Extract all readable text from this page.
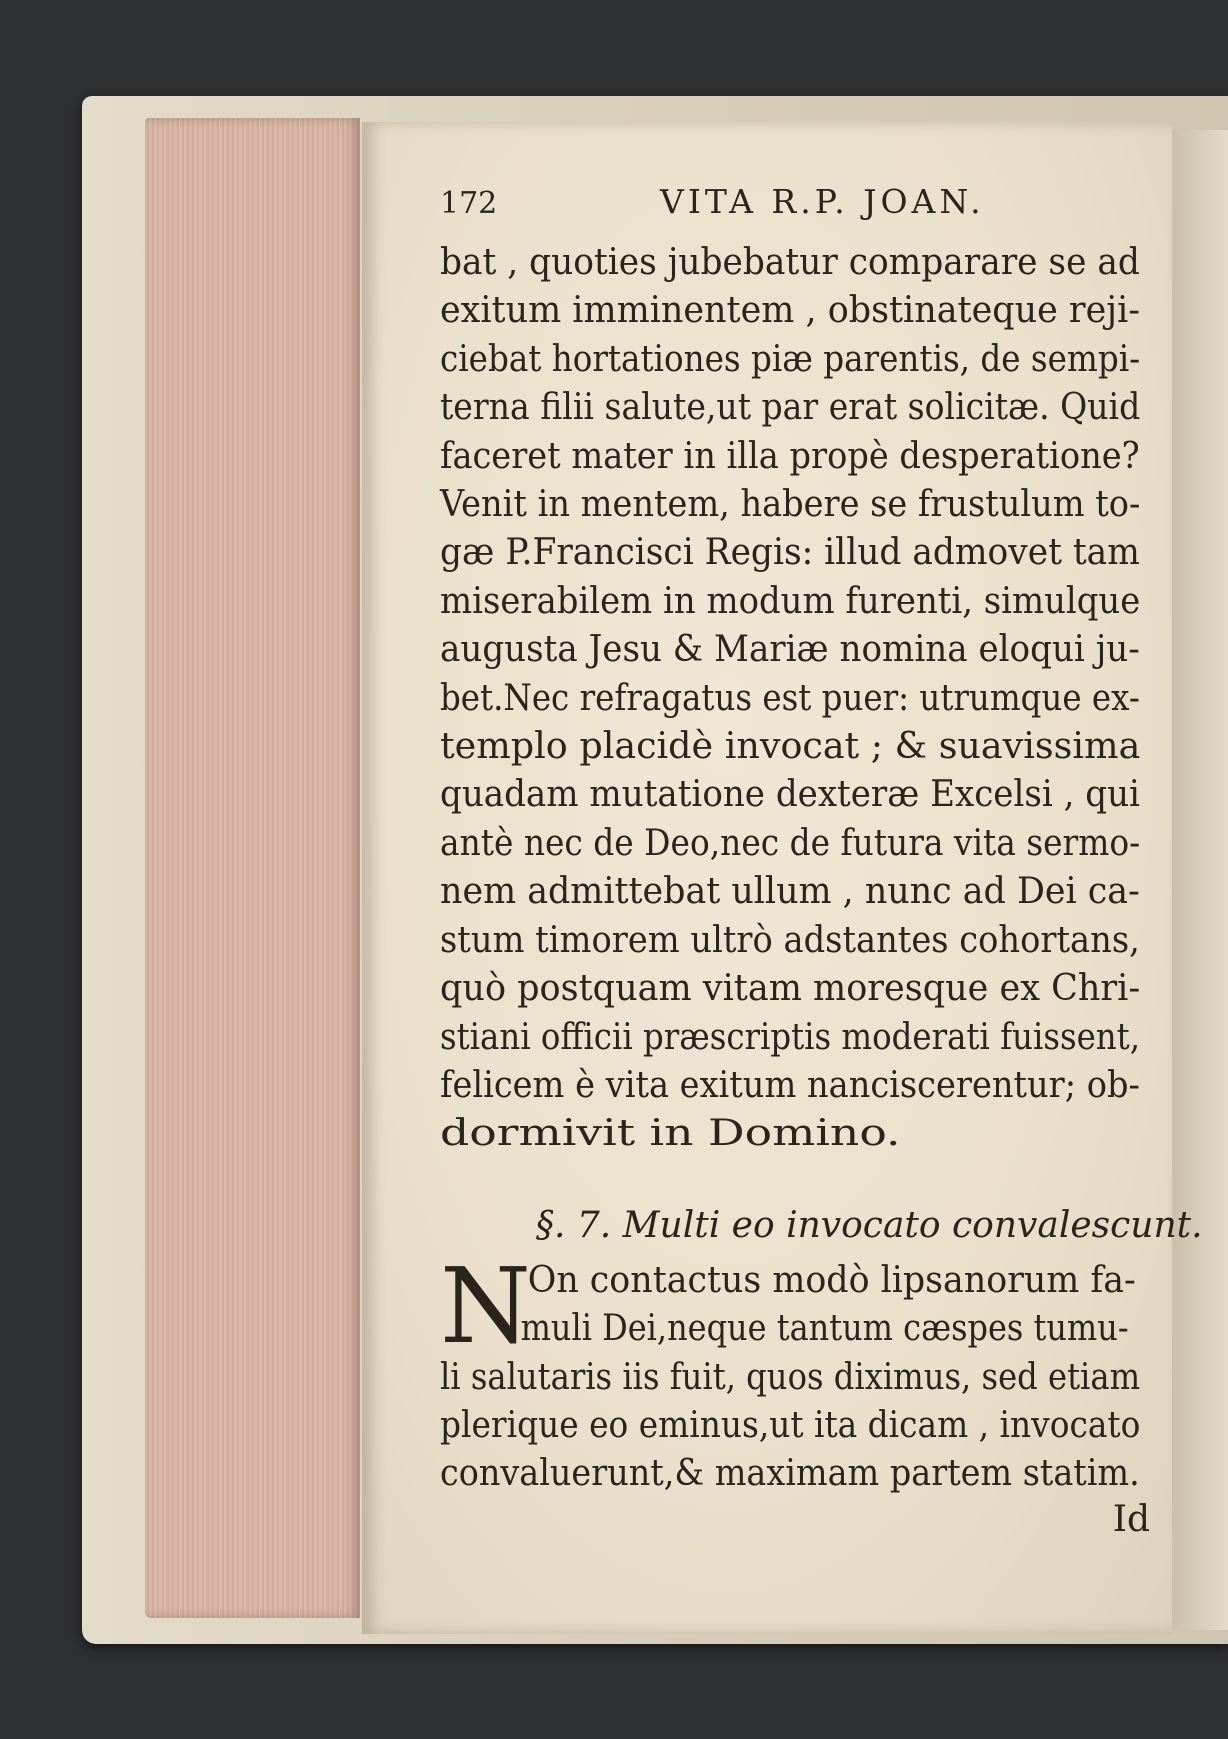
172	VITA R.P. JOAN.
bat , quoties jubebatur comparare se ad
exitum imminentem , obstinateque reji-
ciebat hortationes piæ parentis, de sempi-
terna filii salute,ut par erat solicitæ. Quid
faceret mater in illa propè desperatione?
Venit in mentem, habere se frustulum to-
gæ P.Francisci Regis: illud admovet tam
miserabilem in modum furenti, simulque
augusta Jesu & Mariæ nomina eloqui ju-
bet.Nec refragatus est puer: utrumque ex-
templo placidè invocat ; & suavissima
quadam mutatione dexteræ Excelsi , qui
antè nec de Deo,nec de futura vita sermo-
nem admittebat ullum , nunc ad Dei ca-
stum timorem ultrò adstantes cohortans,
quò postquam vitam moresque ex Chri-
stiani officii præscriptis moderati fuissent,
felicem è vita exitum nanciscerentur; ob-
dormivit in Domino.
§. 7. Multi eo invocato convalescunt.
N
On contactus modò lipsanorum fa-
muli Dei,neque tantum cæspes tumu-
li salutaris iis fuit, quos diximus, sed etiam
plerique eo eminus,ut ita dicam , invocato
convaluerunt,& maximam partem statim.
Id
